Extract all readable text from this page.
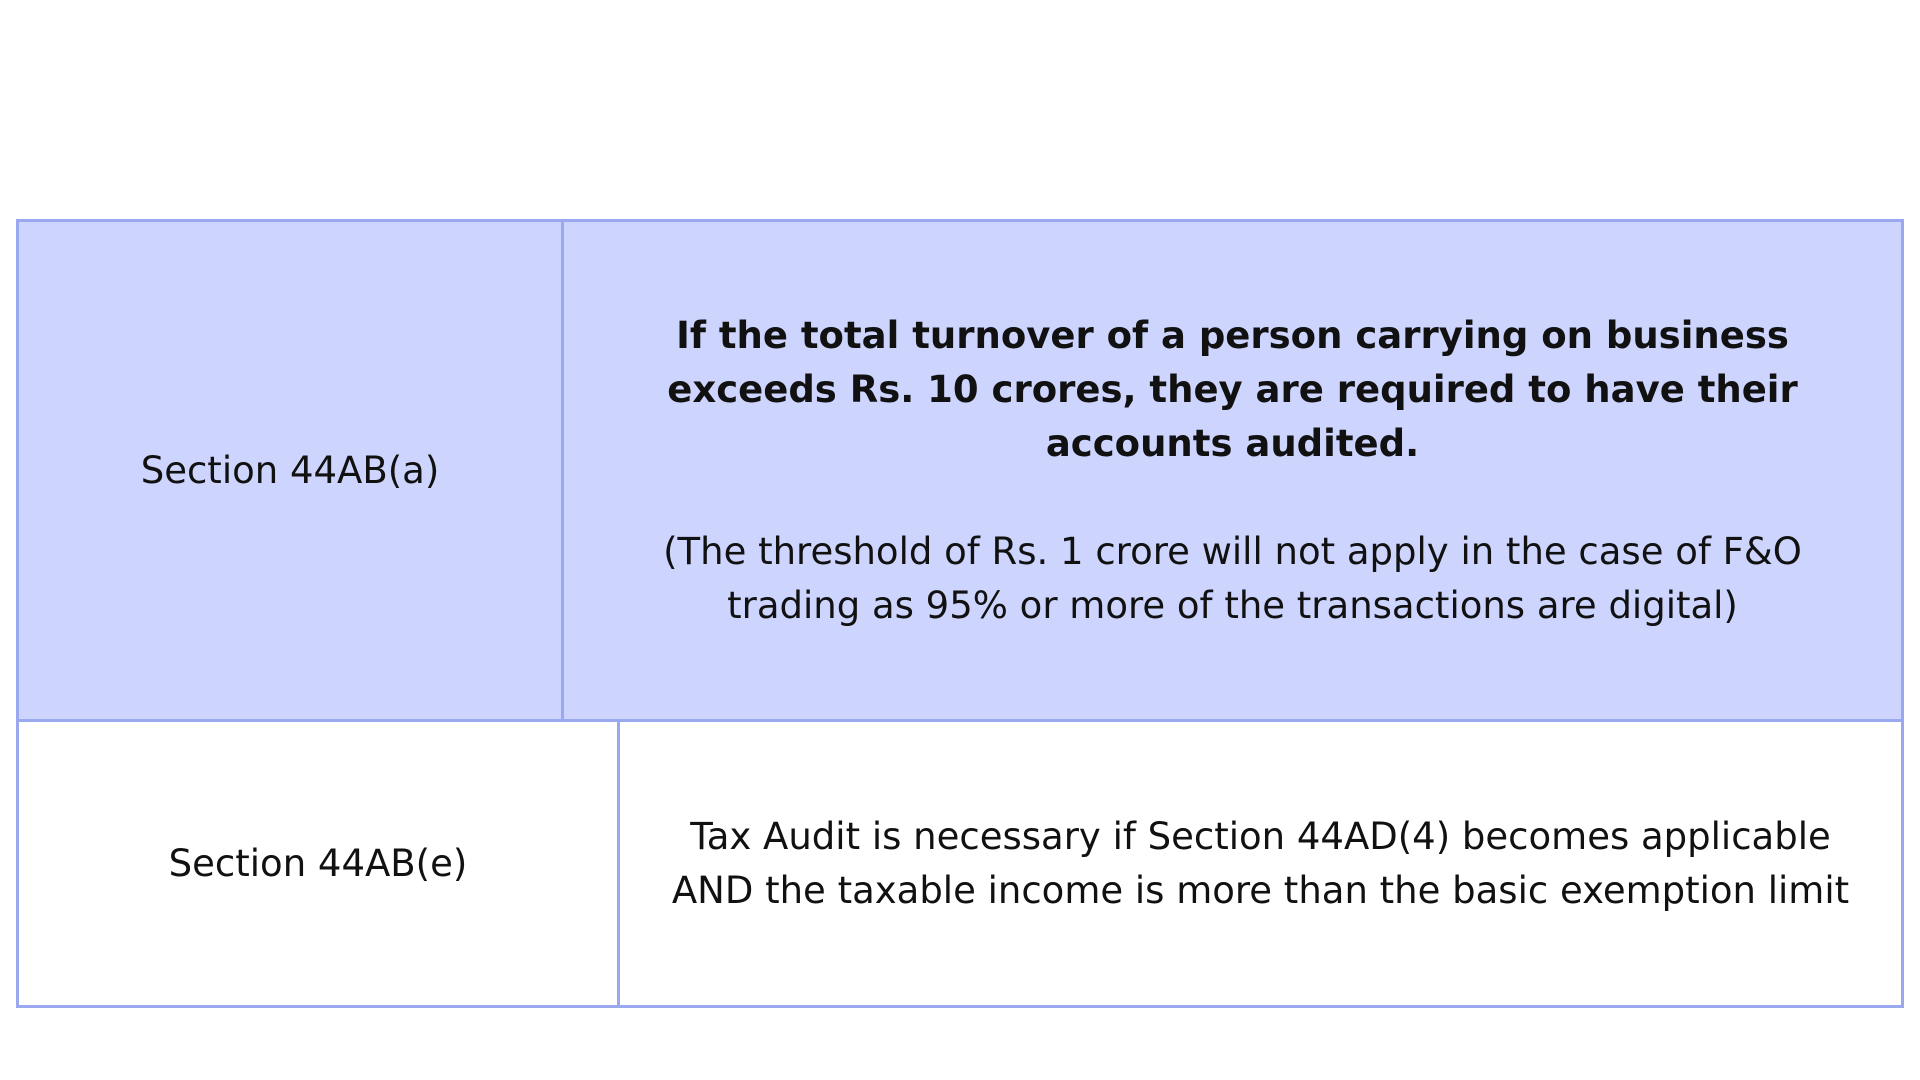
Section 44AB(a)

If the total turnover of a person carrying on business exceeds Rs. 10 crores, they are required to have their accounts audited.

(The threshold of Rs. 1 crore will not apply in the case of F&O trading as 95% or more of the transactions are digital)

Section 44AB(e)

Tax Audit is necessary if Section 44AD(4) becomes applicable AND the taxable income is more than the basic exemption limit
